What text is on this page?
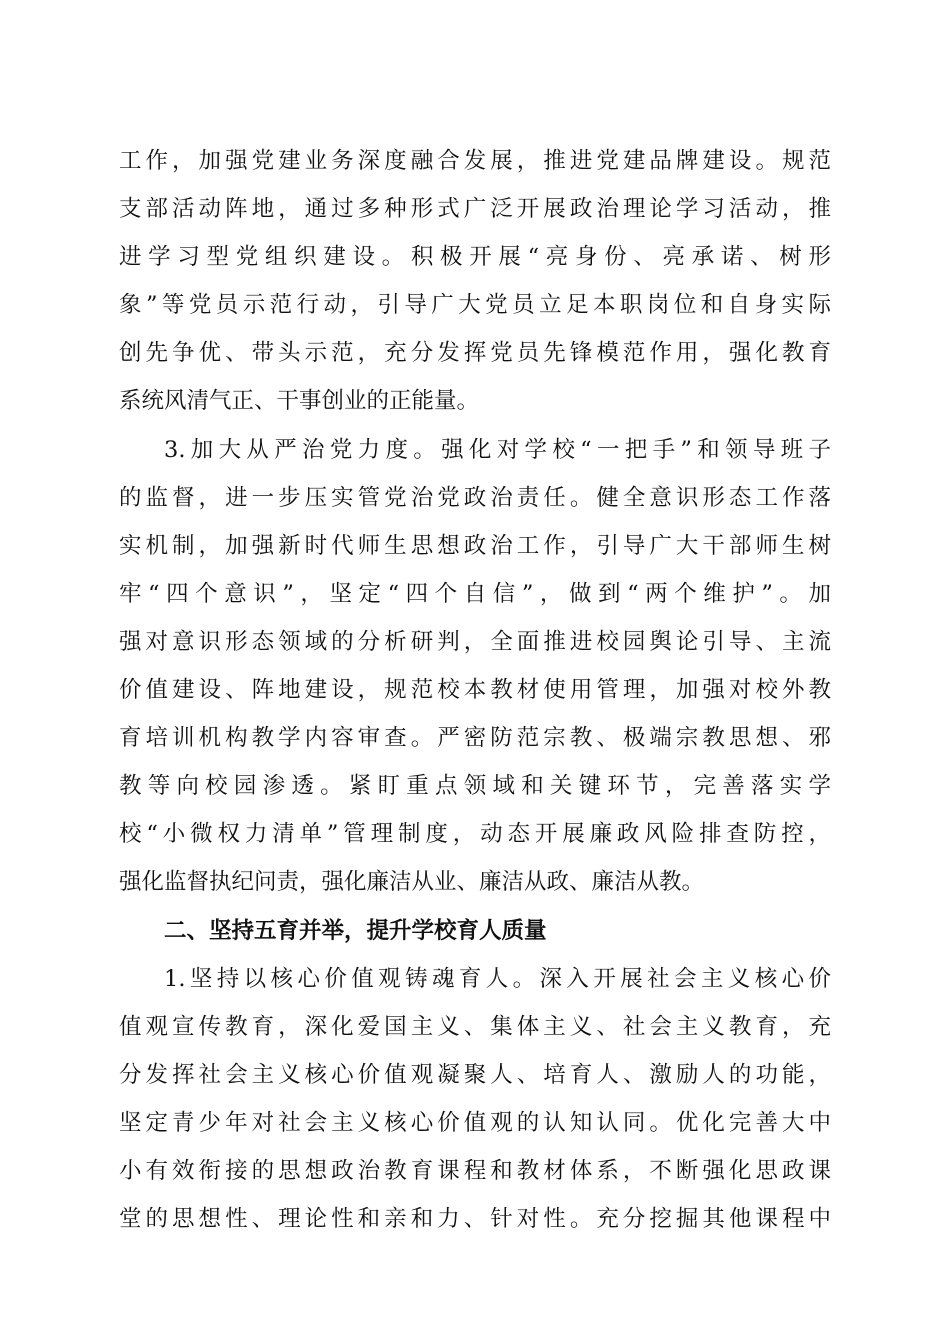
工作，加强党建业务深度融合发展，推进党建品牌建设。规范
支部活动阵地，通过多种形式广泛开展政治理论学习活动，推
进学习型党组织建设。积极开展“亮身份、亮承诺、树形
象”等党员示范行动，引导广大党员立足本职岗位和自身实际
创先争优、带头示范，充分发挥党员先锋模范作用，强化教育
系统风清气正、干事创业的正能量。
3.加大从严治党力度。强化对学校“一把手”和领导班子
的监督，进一步压实管党治党政治责任。健全意识形态工作落
实机制，加强新时代师生思想政治工作，引导广大干部师生树
牢“四个意识”，坚定“四个自信”，做到“两个维护”。加
强对意识形态领域的分析研判，全面推进校园舆论引导、主流
价值建设、阵地建设，规范校本教材使用管理，加强对校外教
育培训机构教学内容审查。严密防范宗教、极端宗教思想、邪
教等向校园渗透。紧盯重点领域和关键环节，完善落实学
校“小微权力清单”管理制度，动态开展廉政风险排查防控，
强化监督执纪问责，强化廉洁从业、廉洁从政、廉洁从教。
二、坚持五育并举，提升学校育人质量
1.坚持以核心价值观铸魂育人。深入开展社会主义核心价
值观宣传教育，深化爱国主义、集体主义、社会主义教育，充
分发挥社会主义核心价值观凝聚人、培育人、激励人的功能，
坚定青少年对社会主义核心价值观的认知认同。优化完善大中
小有效衔接的思想政治教育课程和教材体系，不断强化思政课
堂的思想性、理论性和亲和力、针对性。充分挖掘其他课程中
